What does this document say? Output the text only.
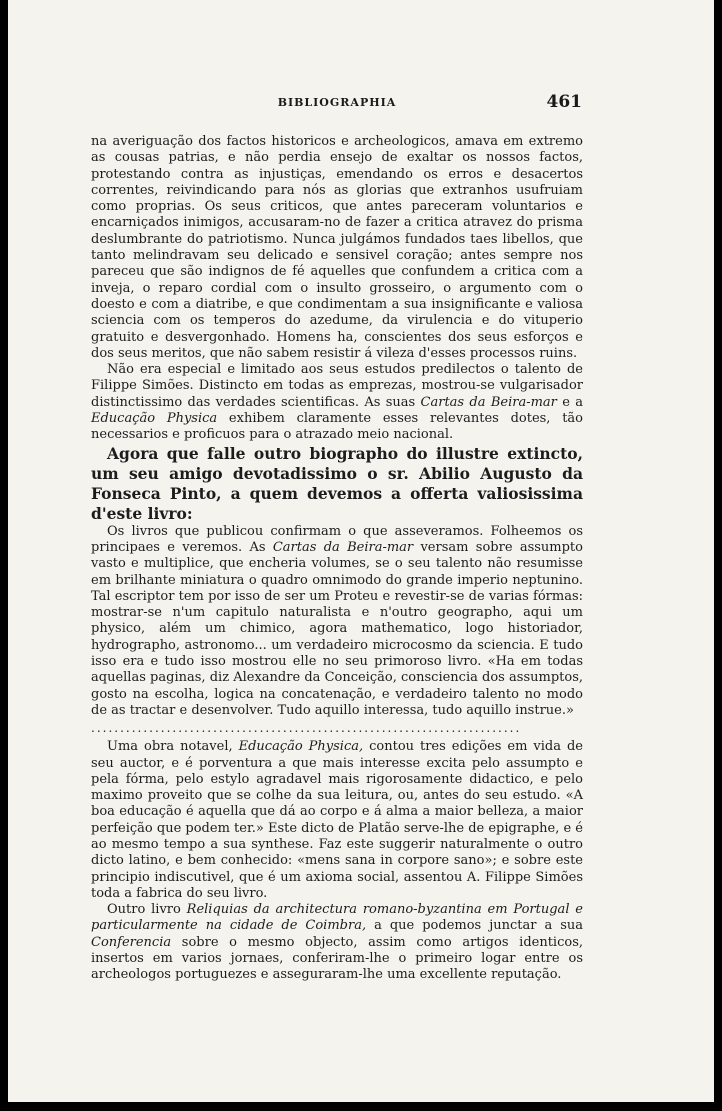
BIBLIOGRAPHIA	461

na averiguação dos factos historicos e archeologicos, amava em extremo as cousas patrias, e não perdia ensejo de exaltar os nossos factos, protestando contra as injustiças, emendando os erros e desacertos correntes, reivindicando para nós as glorias que extranhos usufruiam como proprias. Os seus criticos, que antes pareceram voluntarios e encarniçados inimigos, accusaram-no de fazer a critica atravez do prisma deslumbrante do patriotismo. Nunca julgámos fundados taes libellos, que tanto melindravam seu delicado e sensivel coração; antes sempre nos pareceu que são indignos de fé aquelles que confundem a critica com a inveja, o reparo cordial com o insulto grosseiro, o argumento com o doesto e com a diatribe, e que condimentam a sua insignificante e valiosa sciencia com os temperos do azedume, da virulencia e do vituperio gratuito e desvergonhado. Homens ha, conscientes dos seus esforços e dos seus meritos, que não sabem resistir á vileza d'esses processos ruins.

Não era especial e limitado aos seus estudos predilectos o talento de Filippe Simões. Distincto em todas as emprezas, mostrou-se vulgarisador distinctissimo das verdades scientificas. As suas Cartas da Beira-mar e a Educação Physica exhibem claramente esses relevantes dotes, tão necessarios e proficuos para o atrazado meio nacional.

Agora que falle outro biographo do illustre extincto, um seu amigo devotadissimo o sr. Abilio Augusto da Fonseca Pinto, a quem devemos a offerta valiosissima d'este livro:

Os livros que publicou confirmam o que asseveramos. Folheemos os principaes e veremos. As Cartas da Beira-mar versam sobre assumpto vasto e multiplice, que encheria volumes, se o seu talento não resumisse em brilhante miniatura o quadro omnimodo do grande imperio neptunino. Tal escriptor tem por isso de ser um Proteu e revestir-se de varias fórmas: mostrar-se n'um capitulo naturalista e n'outro geographo, aqui um physico, além um chimico, agora mathematico, logo historiador, hydrographo, astronomo... um verdadeiro microcosmo da sciencia. E tudo isso era e tudo isso mostrou elle no seu primoroso livro. «Ha em todas aquellas paginas, diz Alexandre da Conceição, consciencia dos assumptos, gosto na escolha, logica na concatenação, e verdadeiro talento no modo de as tractar e desenvolver. Tudo aquillo interessa, tudo aquillo instrue.»

..........................................................................

Uma obra notavel, Educação Physica, contou tres edições em vida de seu auctor, e é porventura a que mais interesse excita pelo assumpto e pela fórma, pelo estylo agradavel mais rigorosamente didactico, e pelo maximo proveito que se colhe da sua leitura, ou, antes do seu estudo. «A boa educação é aquella que dá ao corpo e á alma a maior belleza, a maior perfeição que podem ter.» Este dicto de Platão serve-lhe de epigraphe, e é ao mesmo tempo a sua synthese. Faz este suggerir naturalmente o outro dicto latino, e bem conhecido: «mens sana in corpore sano»; e sobre este principio indiscutivel, que é um axioma social, assentou A. Filippe Simões toda a fabrica do seu livro.

Outro livro Reliquias da architectura romano-byzantina em Portugal e particularmente na cidade de Coimbra, a que podemos junctar a sua Conferencia sobre o mesmo objecto, assim como artigos identicos, insertos em varios jornaes, conferiram-lhe o primeiro logar entre os archeologos portuguezes e asseguraram-lhe uma excellente reputação.
